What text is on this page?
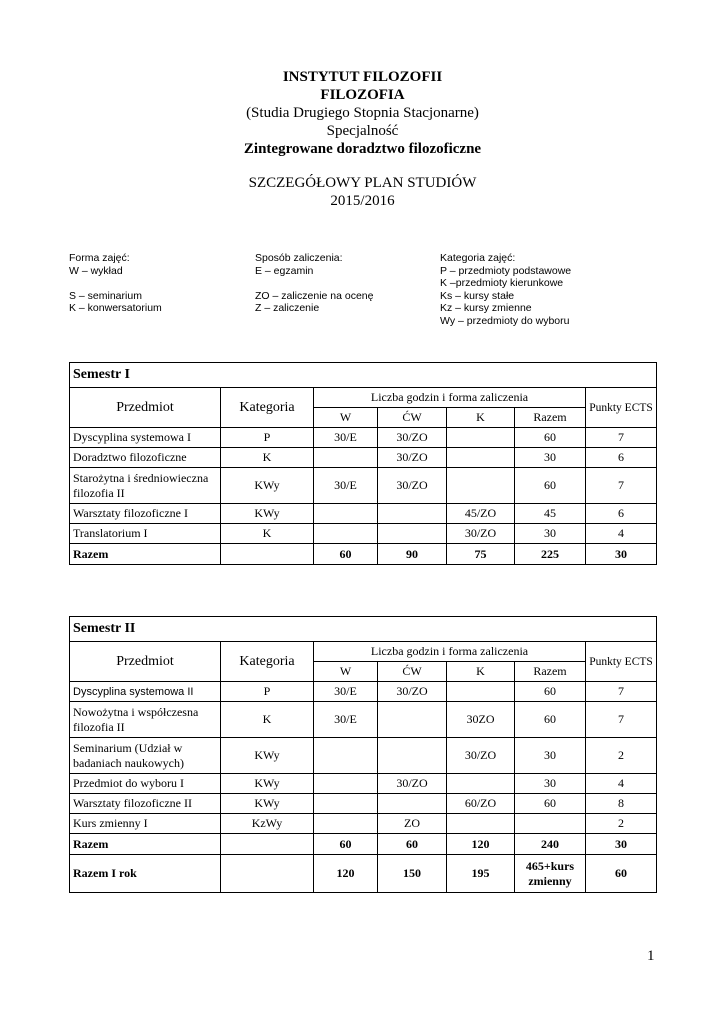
INSTYTUT FILOZOFII
FILOZOFIA
(Studia Drugiego Stopnia Stacjonarne)
Specjalność
Zintegrowane doradztwo filozoficzne
SZCZEGÓŁOWY PLAN STUDIÓW
2015/2016
Forma zajęć:
W – wykład
S – seminarium
K – konwersatorium
Sposób zaliczenia:
E – egzamin
ZO – zaliczenie na ocenę
Z – zaliczenie
Kategoria zajęć:
P – przedmioty podstawowe
K –przedmioty kierunkowe
Ks – kursy stałe
Kz – kursy zmienne
Wy – przedmioty do wyboru
Semestr I						
Przedmiot	Kategoria	Liczba godzin i forma zaliczenia				Punkty ECTS
		W	ĆW	K	Razem	
Dyscyplina systemowa I	P	30/E	30/ZO		60	7
Doradztwo filozoficzne	K		30/ZO		30	6
Starożytna i średniowieczna filozofia II	KWy	30/E	30/ZO		60	7
Warsztaty filozoficzne I	KWy			45/ZO	45	6
Translatorium I	K			30/ZO	30	4
Razem		60	90	75	225	30
Semestr II						
Przedmiot	Kategoria	Liczba godzin i forma zaliczenia				Punkty ECTS
		W	ĆW	K	Razem	
Dyscyplina systemowa II	P	30/E	30/ZO		60	7
Nowożytna i współczesna filozofia II	K	30/E		30ZO	60	7
Seminarium (Udział w badaniach naukowych)	KWy			30/ZO	30	2
Przedmiot do wyboru I	KWy		30/ZO		30	4
Warsztaty filozoficzne II	KWy			60/ZO	60	8
Kurs zmienny I	KzWy		ZO			2
Razem		60	60	120	240	30
Razem I rok		120	150	195	465+kurs zmienny	60
1
